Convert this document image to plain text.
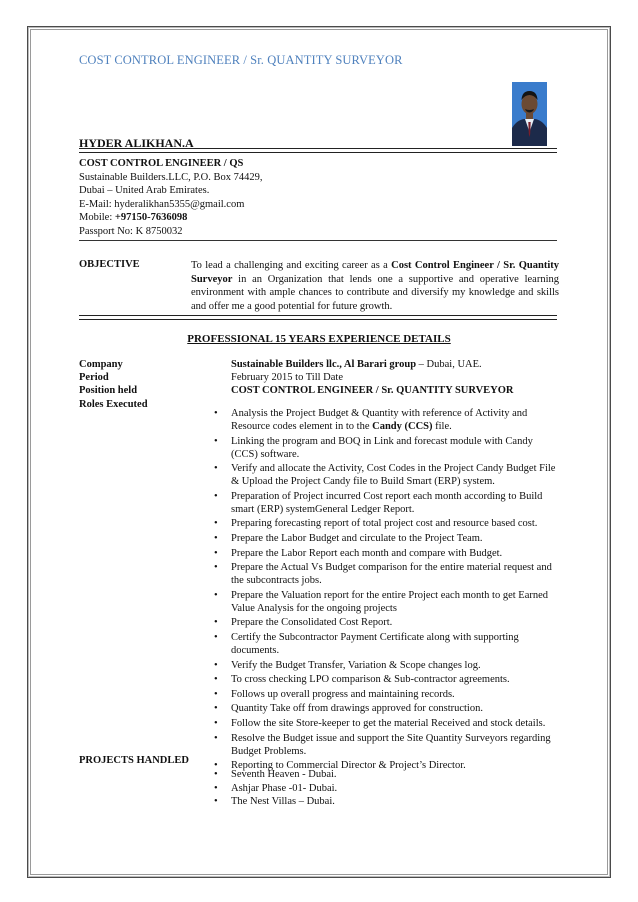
COST CONTROL ENGINEER / Sr. QUANTITY SURVEYOR
HYDER ALIKHAN.A
COST CONTROL ENGINEER / QS
Sustainable Builders.LLC, P.O. Box 74429,
Dubai – United Arab Emirates.
E-Mail: hyderalikhan5355@gmail.com
Mobile: +97150-7636098
Passport No: K 8750032
OBJECTIVE	To lead a challenging and exciting career as a Cost Control Engineer / Sr. Quantity Surveyor in an Organization that lends one a supportive and operative learning environment with ample chances to contribute and diversify my knowledge and skills and offer me a good potential for future growth.
PROFESSIONAL 15 YEARS EXPERIENCE DETAILS
Company
Period
Position held
Roles Executed
Sustainable Builders llc., Al Barari group – Dubai, UAE.
February 2015 to Till Date
COST CONTROL ENGINEER / Sr. QUANTITY SURVEYOR
• Analysis the Project Budget & Quantity with reference of Activity and Resource codes element in to the Candy (CCS) file.
• Linking the program and BOQ in Link and forecast module with Candy (CCS) software.
• Verify and allocate the Activity, Cost Codes in the Project Candy Budget File & Upload the Project Candy file to Build Smart (ERP) system.
• Preparation of Project incurred Cost report each month according to Build smart (ERP) systemGeneral Ledger Report.
• Preparing forecasting report of total project cost and resource based cost.
• Prepare the Labor Budget and circulate to the Project Team.
• Prepare the Labor Report each month and compare with Budget.
• Prepare the Actual Vs Budget comparison for the entire material request and the subcontracts jobs.
• Prepare the Valuation report for the entire Project each month to get Earned Value Analysis for the ongoing projects
• Prepare the Consolidated Cost Report.
• Certify the Subcontractor Payment Certificate along with supporting documents.
• Verify the Budget Transfer, Variation & Scope changes log.
• To cross checking LPO comparison & Sub-contractor agreements.
• Follows up overall progress and maintaining records.
• Quantity Take off from drawings approved for construction.
• Follow the site Store-keeper to get the material Received and stock details.
• Resolve the Budget issue and support the Site Quantity Surveyors regarding Budget Problems.
• Reporting to Commercial Director & Project’s Director.
PROJECTS HANDLED
• Seventh Heaven - Dubai.
• Ashjar Phase -01- Dubai.
• The Nest Villas – Dubai.
